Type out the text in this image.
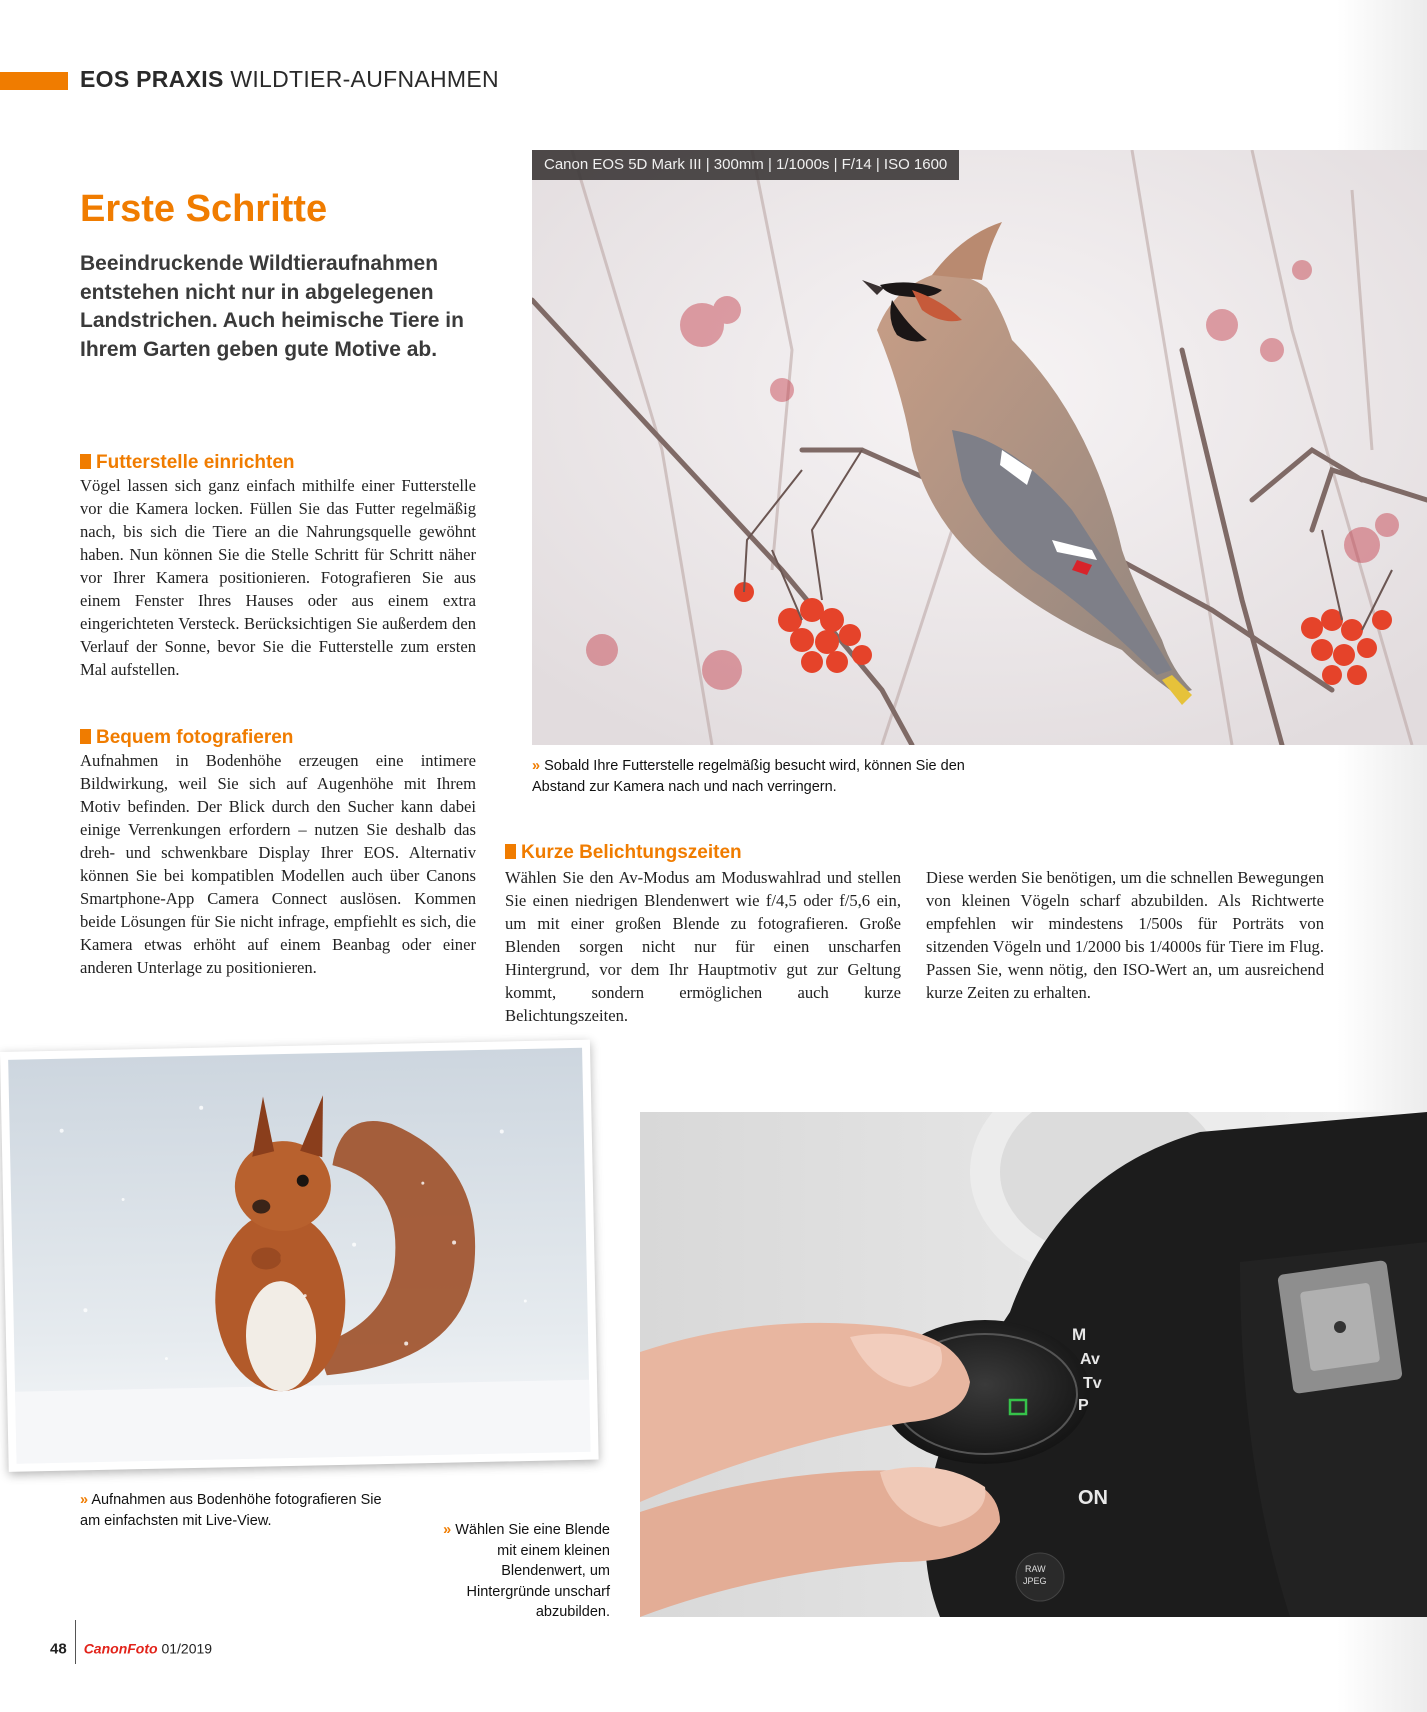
EOS PRAXIS WILDTIER-AUFNAHMEN
Erste Schritte
Beeindruckende Wildtieraufnahmen entstehen nicht nur in abgelegenen Landstrichen. Auch heimische Tiere in Ihrem Garten geben gute Motive ab.
Futterstelle einrichten
Vögel lassen sich ganz einfach mithilfe einer Futterstelle vor die Kamera locken. Füllen Sie das Futter regelmäßig nach, bis sich die Tiere an die Nahrungsquelle gewöhnt haben. Nun können Sie die Stelle Schritt für Schritt näher vor Ihrer Kamera positionieren. Fotografieren Sie aus einem Fenster Ihres Hauses oder aus einem extra eingerichteten Versteck. Berücksichtigen Sie außerdem den Verlauf der Sonne, bevor Sie die Futterstelle zum ersten Mal aufstellen.
Bequem fotografieren
Aufnahmen in Bodenhöhe erzeugen eine intimere Bildwirkung, weil Sie sich auf Augenhöhe mit Ihrem Motiv befinden. Der Blick durch den Sucher kann dabei einige Verrenkungen erfordern – nutzen Sie deshalb das dreh- und schwenkbare Display Ihrer EOS. Alternativ können Sie bei kompatiblen Modellen auch über Canons Smartphone-App Camera Connect auslösen. Kommen beide Lösungen für Sie nicht infrage, empfiehlt es sich, die Kamera etwas erhöht auf einem Beanbag oder einer anderen Unterlage zu positionieren.
Canon EOS 5D Mark III | 300mm | 1/1000s | F/14 | ISO 1600
» Sobald Ihre Futterstelle regelmäßig besucht wird, können Sie den Abstand zur Kamera nach und nach verringern.
Kurze Belichtungszeiten
Wählen Sie den Av-Modus am Moduswahlrad und stellen Sie einen niedrigen Blendenwert wie f/4,5 oder f/5,6 ein, um mit einer großen Blende zu fotografieren. Große Blenden sorgen nicht nur für einen unscharfen Hintergrund, vor dem Ihr Hauptmotiv gut zur Geltung kommt, sondern ermöglichen auch kurze Belichtungszeiten.
Diese werden Sie benötigen, um die schnellen Bewegungen von kleinen Vögeln scharf abzubilden. Als Richtwerte empfehlen wir mindestens 1/500s für Porträts von sitzenden Vögeln und 1/2000 bis 1/4000s für Tiere im Flug. Passen Sie, wenn nötig, den ISO-Wert an, um ausreichend kurze Zeiten zu erhalten.
» Aufnahmen aus Bodenhöhe fotografieren Sie am einfachsten mit Live-View.
M
Av
Tv
P
ON
RAW
JPEG
» Wählen Sie eine Blende mit einem kleinen Blendenwert, um Hintergründe unscharf abzubilden.
48 CanonFoto 01/2019
